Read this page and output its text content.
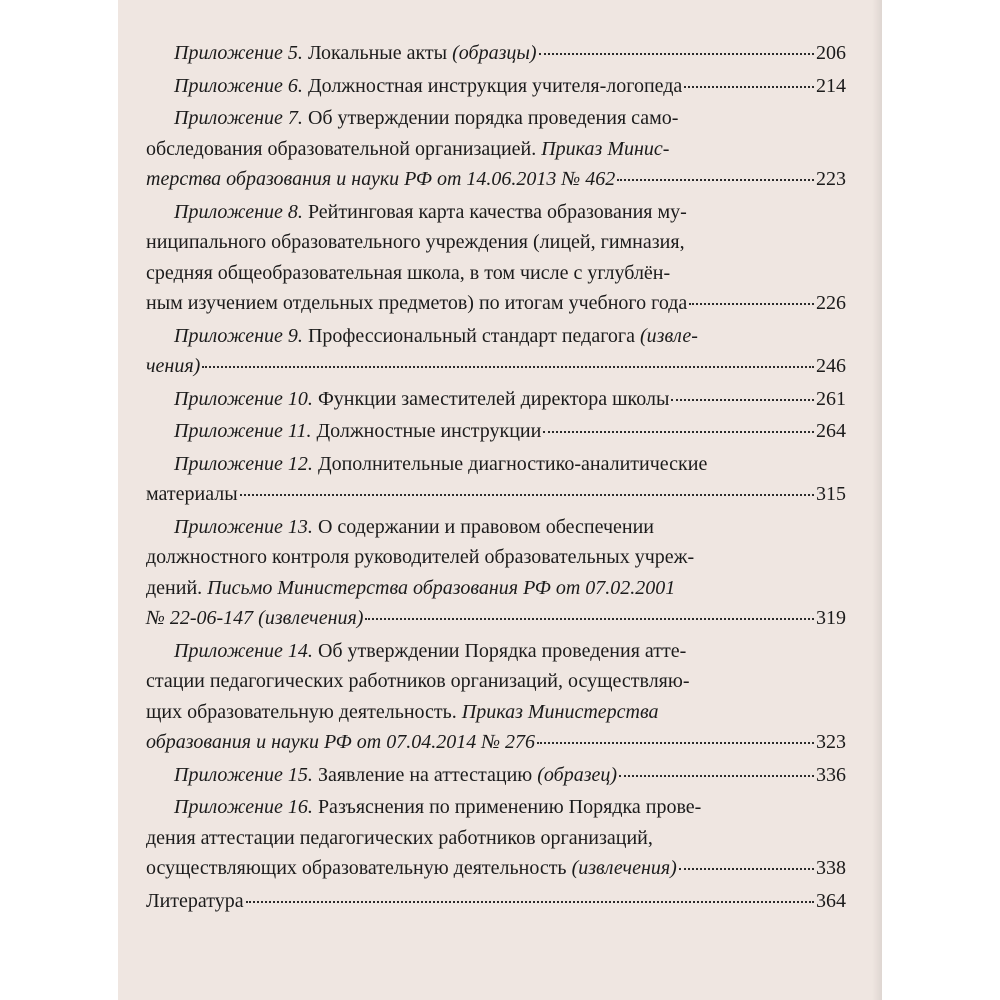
Приложение 5. Локальные акты (образцы)	206
Приложение 6. Должностная инструкция учителя-логопеда	214
Приложение 7. Об утверждении порядка проведения само-
обследования образовательной организацией. Приказ Минис-
терства образования и науки РФ от 14.06.2013 № 462	223
Приложение 8. Рейтинговая карта качества образования му-
ниципального образовательного учреждения (лицей, гимназия,
средняя общеобразовательная школа, в том числе с углублён-
ным изучением отдельных предметов) по итогам учебного года	226
Приложение 9. Профессиональный стандарт педагога (извле-
чения)	246
Приложение 10. Функции заместителей директора школы	261
Приложение 11. Должностные инструкции	264
Приложение 12. Дополнительные диагностико-аналитические
материалы	315
Приложение 13. О содержании и правовом обеспечении
должностного контроля руководителей образовательных учреж-
дений. Письмо Министерства образования РФ от 07.02.2001
№ 22-06-147 (извлечения)	319
Приложение 14. Об утверждении Порядка проведения атте-
стации педагогических работников организаций, осуществляю-
щих образовательную деятельность. Приказ Министерства
образования и науки РФ от 07.04.2014 № 276	323
Приложение 15. Заявление на аттестацию (образец)	336
Приложение 16. Разъяснения по применению Порядка прове-
дения аттестации педагогических работников организаций,
осуществляющих образовательную деятельность (извлечения)	338
Литература	364
